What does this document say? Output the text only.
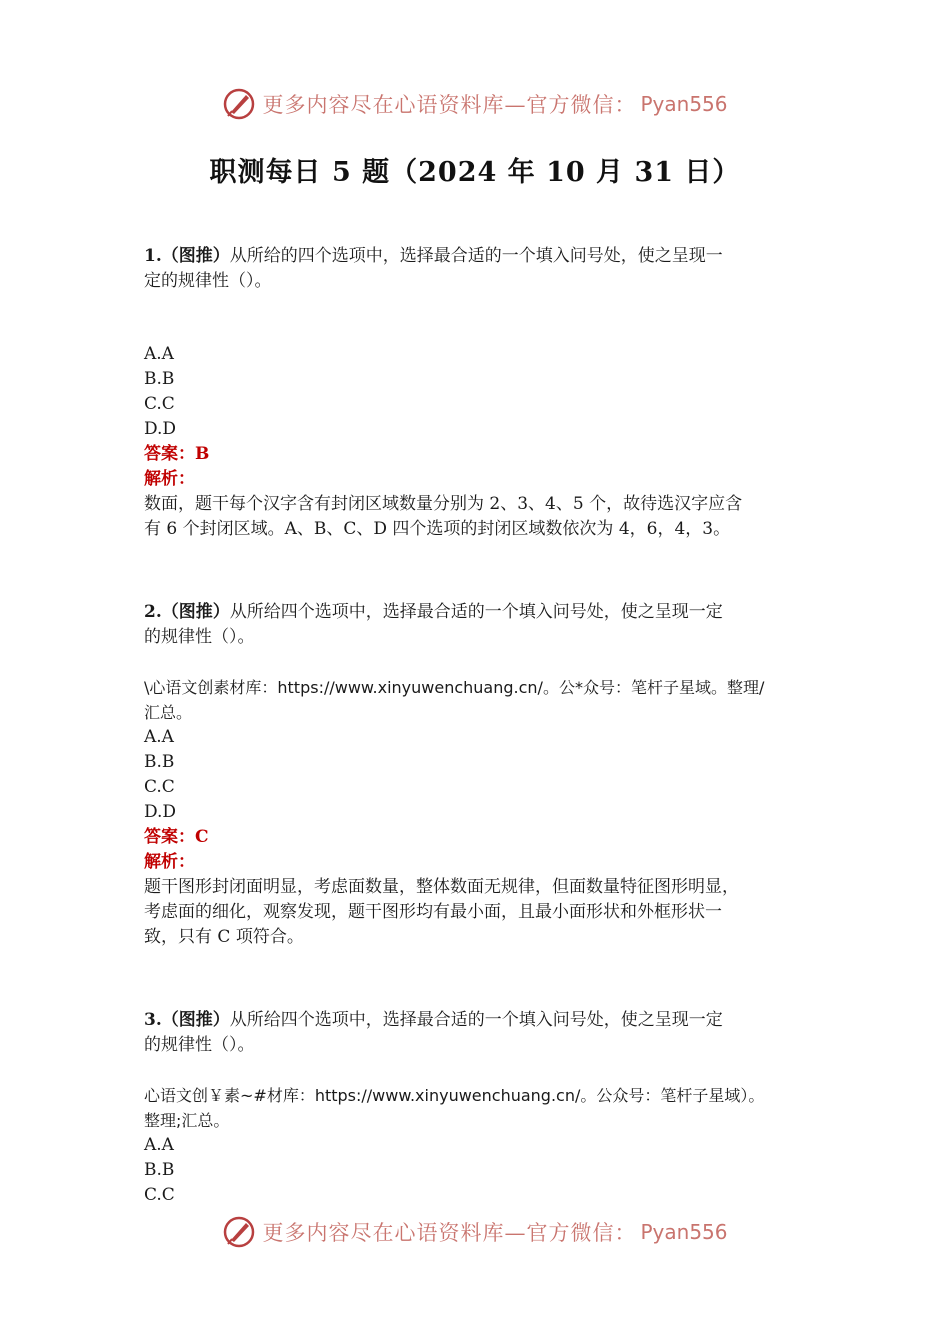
更多内容尽在心语资料库—官方微信： Pyan556
职测每日 5 题（2024 年 10 月 31 日）
1.（图推）从所给的四个选项中，选择最合适的一个填入问号处，使之呈现一
定的规律性（）。
A.A
B.B
C.C
D.D
答案：B
解析：
数面，题干每个汉字含有封闭区域数量分别为 2、3、4、5 个，故待选汉字应含
有 6 个封闭区域。A、B、C、D 四个选项的封闭区域数依次为 4，6，4，3。
2.（图推）从所给四个选项中，选择最合适的一个填入问号处，使之呈现一定
的规律性（）。
\心语文创素材库：https://www.xinyuwenchuang.cn/。公*众号：笔杆子星域。整理/
汇总。
A.A
B.B
C.C
D.D
答案：C
解析：
题干图形封闭面明显，考虑面数量，整体数面无规律，但面数量特征图形明显，
考虑面的细化，观察发现，题干图形均有最小面，且最小面形状和外框形状一
致，只有 C 项符合。
3.（图推）从所给四个选项中，选择最合适的一个填入问号处，使之呈现一定
的规律性（）。
心语文创￥素~#材库：https://www.xinyuwenchuang.cn/。公众号：笔杆子星域）。
整理;汇总。
A.A
B.B
C.C
更多内容尽在心语资料库—官方微信： Pyan556
